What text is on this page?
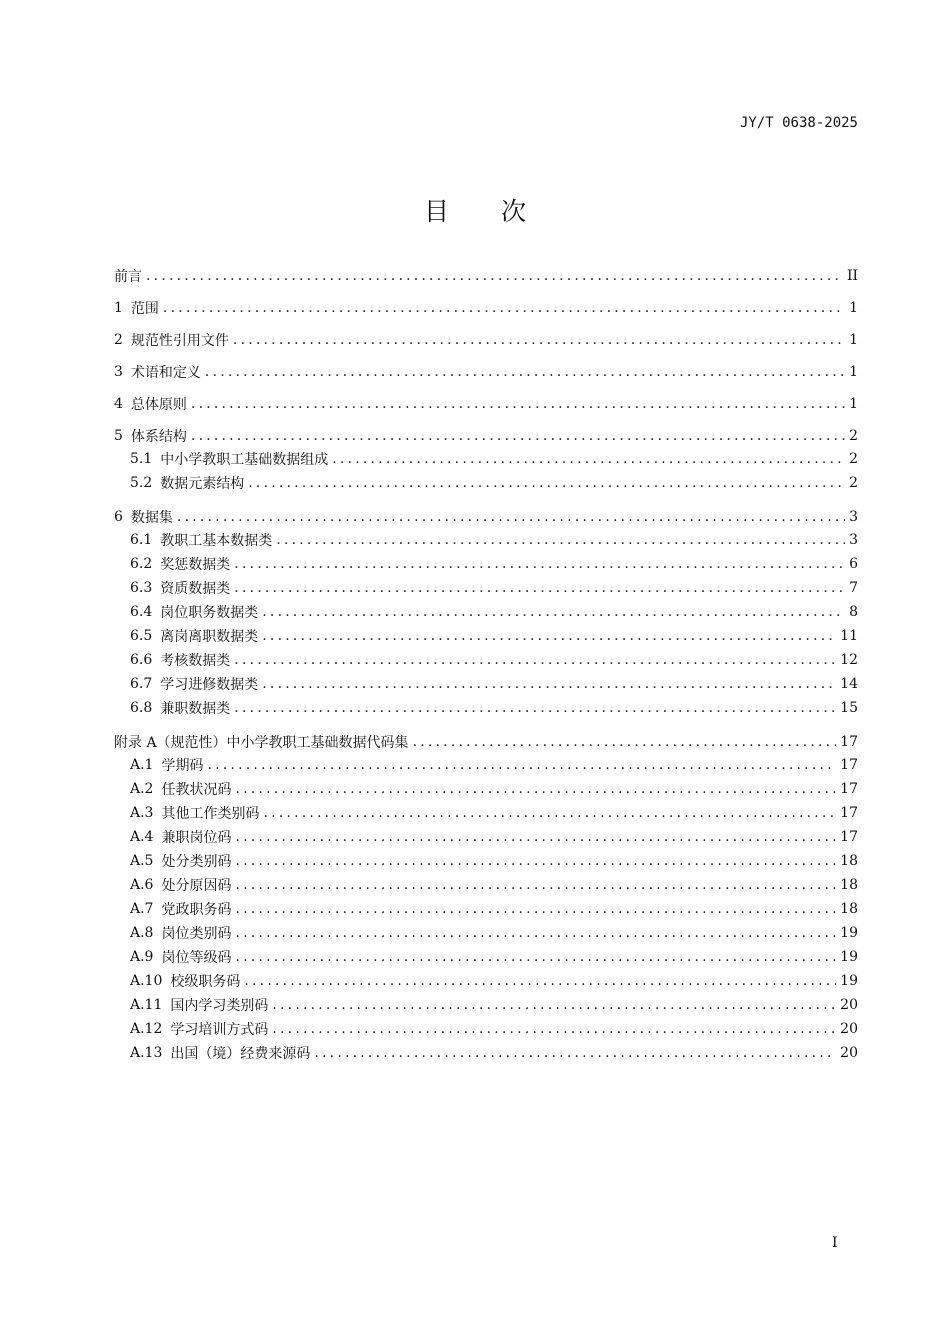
JY/T 0638-2025
目次
前言 .....	II
1 范围 .....	1
2 规范性引用文件 .....	1
3 术语和定义 .....	1
4 总体原则 .....	1
5 体系结构 .....	2
5.1 中小学教职工基础数据组成 .....	2
5.2 数据元素结构 .....	2
6 数据集 .....	3
6.1 教职工基本数据类 .....	3
6.2 奖惩数据类 .....	6
6.3 资质数据类 .....	7
6.4 岗位职务数据类 .....	8
6.5 离岗离职数据类 .....	11
6.6 考核数据类 .....	12
6.7 学习进修数据类 .....	14
6.8 兼职数据类 .....	15
附录 A（规范性）中小学教职工基础数据代码集 .....	17
A.1 学期码 .....	17
A.2 任教状况码 .....	17
A.3 其他工作类别码 .....	17
A.4 兼职岗位码 .....	17
A.5 处分类别码 .....	18
A.6 处分原因码 .....	18
A.7 党政职务码 .....	18
A.8 岗位类别码 .....	19
A.9 岗位等级码 .....	19
A.10 校级职务码 .....	19
A.11 国内学习类别码 .....	20
A.12 学习培训方式码 .....	20
A.13 出国（境）经费来源码 .....	20
I
